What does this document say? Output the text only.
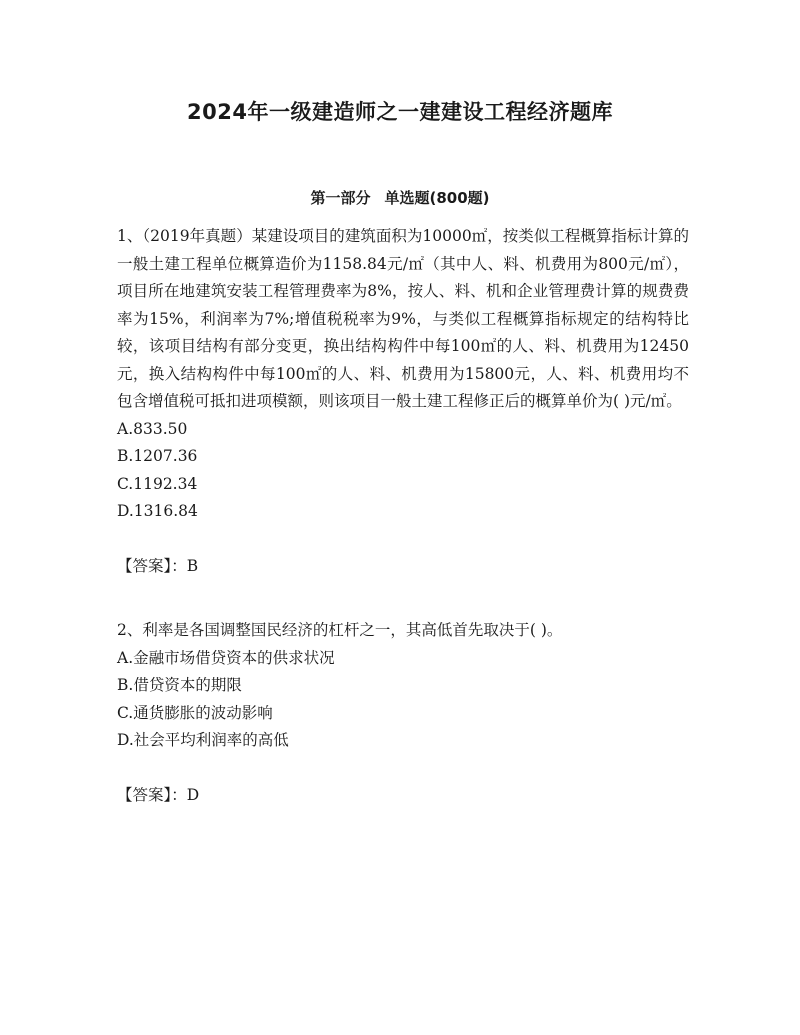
2024年一级建造师之一建建设工程经济题库
第一部分 单选题(800题)

1、（2019年真题）某建设项目的建筑面积为10000㎡，按类似工程概算指标计算的一般土建工程单位概算造价为1158.84元/㎡（其中人、料、机费用为800元/㎡），项目所在地建筑安装工程管理费率为8%，按人、料、机和企业管理费计算的规费费率为15%，利润率为7%;增值税税率为9%，与类似工程概算指标规定的结构特比较，该项目结构有部分变更，换出结构构件中每100㎡的人、料、机费用为12450元，换入结构构件中每100㎡的人、料、机费用为15800元，人、料、机费用均不包含增值税可抵扣进项模额，则该项目一般土建工程修正后的概算单价为( )元/㎡。

A.833.50
B.1207.36
C.1192.34
D.1316.84

【答案】：B

2、利率是各国调整国民经济的杠杆之一，其高低首先取决于( )。

A.金融市场借贷资本的供求状况
B.借贷资本的期限
C.通货膨胀的波动影响
D.社会平均利润率的高低

【答案】：D
